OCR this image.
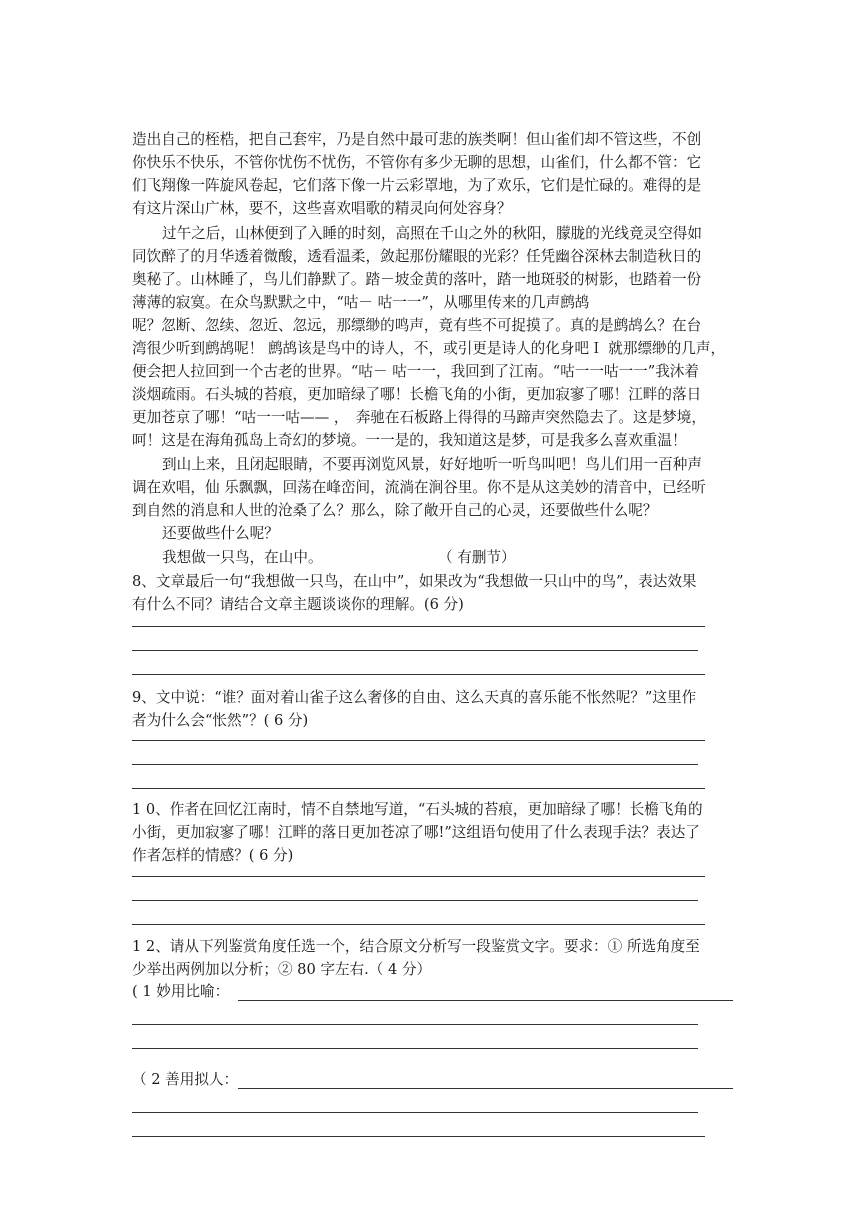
造出自己的桎梏，把自己套牢，乃是自然中最可悲的族类啊！但山雀们却不管这些，不创
你快乐不快乐，不管你忧伤不忧伤，不管你有多少无聊的思想，山雀们，什么都不管：它
们飞翔像一阵旋风卷起，它们落下像一片云彩罩地，为了欢乐，它们是忙碌的。难得的是
有这片深山广林，要不，这些喜欢唱歌的精灵向何处容身？
过午之后，山林便到了入睡的时刻，高照在千山之外的秋阳，朦胧的光线竟灵空得如
同饮醉了的月华透着微酸，透看温柔，敛起那份耀眼的光彩？任凭幽谷深林去制造秋日的
奥秘了。山林睡了，鸟儿们静默了。踏－坡金黄的落叶，踏一地斑驳的树影，也踏着一份
薄薄的寂寞。在众鸟默默之中，“咕－ 咕一一”，从哪里传来的几声鹧鸪
呢？忽断、忽续、忽近、忽远，那缥缈的鸣声，竟有些不可捉摸了。真的是鹧鸪么？在台
湾很少听到鹧鸪呢！ 鹧鸪该是鸟中的诗人，不，或引更是诗人的化身吧Ｉ 就那缥缈的几声，
便会把人拉回到一个古老的世界。“咕－ 咕一一，我回到了江南。“咕一一咕一一”我沐着
淡烟疏雨。石头城的苔痕，更加暗绿了哪！长檐飞角的小街，更加寂寥了哪！江畔的落日
更加苍京了哪！“咕一一咕—— ，　奔驰在石板路上得得的马蹄声突然隐去了。这是梦境，
呵！这是在海角孤岛上奇幻的梦境。一一是的，我知道这是梦，可是我多么喜欢重温！
到山上来，且闭起眼睛，不要再浏览风景，好好地听一听鸟叫吧！鸟儿们用一百种声
调在欢唱，仙 乐飘飘，回荡在峰峦间，流淌在涧谷里。你不是从这美妙的清音中，已经听
到自然的消息和人世的沧桑了么？那么，除了敞开自己的心灵，还要做些什么呢？
还要做些什么呢？
我想做一只鸟，在山中。	（ 有删节）
8、文章最后一句“我想做一只鸟，在山中”，如果改为“我想做一只山中的鸟”，表达效果
有什么不同？请结合文章主题谈谈你的理解。(6 分)
9、文中说：“谁？面对着山雀子这么奢侈的自由、这么天真的喜乐能不怅然呢？”这里作
者为什么会“怅然”？( 6 分)
1 0、作者在回忆江南时，情不自禁地写道，“石头城的苔痕，更加暗绿了哪！长檐飞角的
小街，更加寂寥了哪！江畔的落日更加苍凉了哪!”这组语句使用了什么表现手法？表达了
作者怎样的情感？( 6 分)
1 2、请从下列鉴赏角度任选一个，结合原文分析写一段鉴赏文字。要求：① 所选角度至
少举出两例加以分析；② 80 字左右.（ 4 分）
( 1 妙用比喻：
（ 2 善用拟人：
